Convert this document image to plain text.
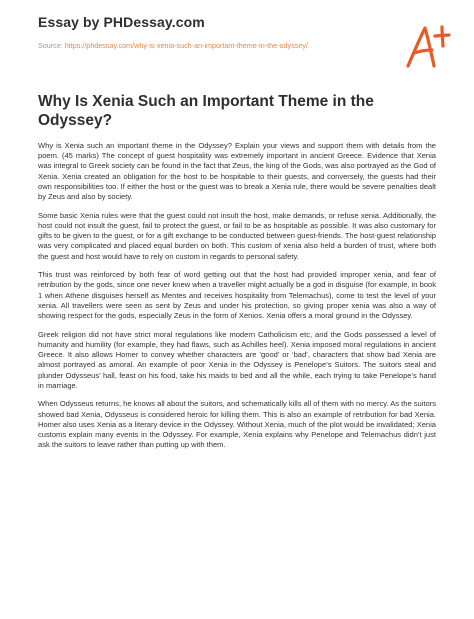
Essay by PHDessay.com
Source: https://phdessay.com/why-is-xenia-such-an-important-theme-in-the-odyssey/
Why Is Xenia Such an Important Theme in the Odyssey?

Why is Xenia such an important theme in the Odyssey? Explain your views and support them with details from the poem. (45 marks) The concept of guest hospitality was extremely important in ancient Greece. Evidence that Xenia was integral to Greek society can be found in the fact that Zeus, the king of the Gods, was also portrayed as the God of Xenia. Xenia created an obligation for the host to be hospitable to their guests, and conversely, the guests had their own responsibilities too. If either the host or the guest was to break a Xenia rule, there would be severe penalties dealt by Zeus and also by society.

Some basic Xenia rules were that the guest could not insult the host, make demands, or refuse xenia. Additionally, the host could not insult the guest, fail to protect the guest, or fail to be as hospitable as possible. It was also customary for gifts to be given to the guest, or for a gift exchange to be conducted between guest-friends. The host-guest relationship was very complicated and placed equal burden on both. This custom of xenia also held a burden of trust, where both the guest and host would have to rely on custom in regards to personal safety.

This trust was reinforced by both fear of word getting out that the host had provided improper xenia, and fear of retribution by the gods, since one never knew when a traveller might actually be a god in disguise (for example, in book 1 when Athene disguises herself as Mentes and receives hospitality from Telemachus), come to test the level of your xenia. All travellers were seen as sent by Zeus and under his protection, so giving proper xenia was also a way of showing respect for the gods, especially Zeus in the form of Xenios. Xenia offers a moral ground in the Odyssey.

Greek religion did not have strict moral regulations like modern Catholicism etc, and the Gods possessed a level of humanity and humility (for example, they had flaws, such as Achilles heel). Xenia imposed moral regulations in ancient Greece. It also allows Homer to convey whether characters are ‘good’ or ‘bad’, characters that show bad Xenia are almost portrayed as amoral. An example of poor Xenia in the Odyssey is Penelope’s Suitors. The suitors steal and plunder Odysseus’ hall, feast on his food, take his maids to bed and all the while, each trying to take Penelope’s hand in marriage.

When Odysseus returns, he knows all about the suitors, and schematically kills all of them with no mercy. As the suitors showed bad Xenia, Odysseus is considered heroic for killing them. This is also an example of retribution for bad Xenia. Homer also uses Xenia as a literary device in the Odyssey. Without Xenia, much of the plot would be invalidated; Xenia customs explain many events in the Odyssey. For example, Xenia explains why Penelope and Telemachus didn’t just ask the suitors to leave rather than putting up with them.
